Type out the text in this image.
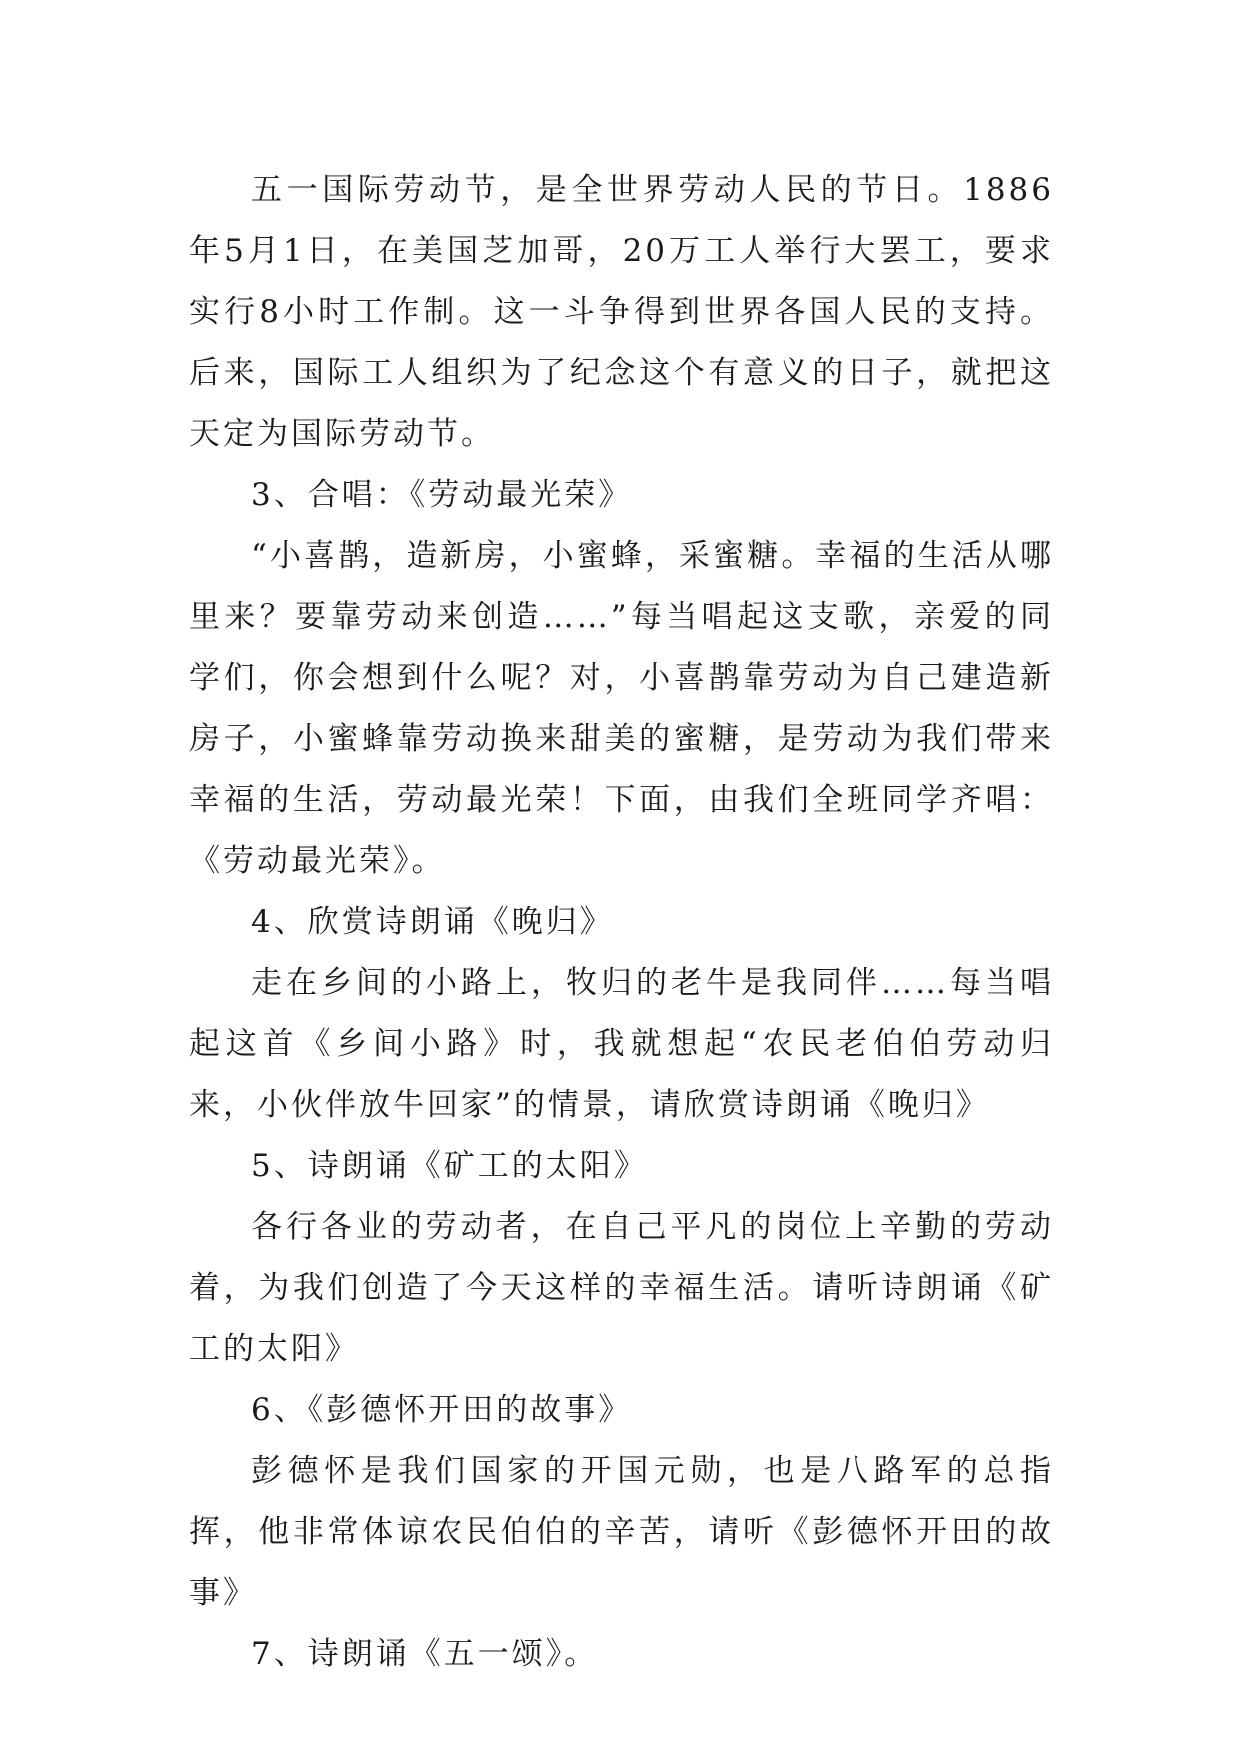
五一国际劳动节，是全世界劳动人民的节日。1886年5月1日，在美国芝加哥，20万工人举行大罢工，要求实行8小时工作制。这一斗争得到世界各国人民的支持。后来，国际工人组织为了纪念这个有意义的日子，就把这天定为国际劳动节。

3、合唱：《劳动最光荣》

“小喜鹊，造新房，小蜜蜂，采蜜糖。幸福的生活从哪里来？要靠劳动来创造……”每当唱起这支歌，亲爱的同学们，你会想到什么呢？对，小喜鹊靠劳动为自己建造新房子，小蜜蜂靠劳动换来甜美的蜜糖，是劳动为我们带来幸福的生活，劳动最光荣！下面，由我们全班同学齐唱：《劳动最光荣》。

4、欣赏诗朗诵《晚归》

走在乡间的小路上，牧归的老牛是我同伴……每当唱起这首《乡间小路》时，我就想起“农民老伯伯劳动归来，小伙伴放牛回家”的情景，请欣赏诗朗诵《晚归》

5、诗朗诵《矿工的太阳》

各行各业的劳动者，在自己平凡的岗位上辛勤的劳动着，为我们创造了今天这样的幸福生活。请听诗朗诵《矿工的太阳》

6、《彭德怀开田的故事》

彭德怀是我们国家的开国元勋，也是八路军的总指挥，他非常体谅农民伯伯的辛苦，请听《彭德怀开田的故事》

7、诗朗诵《五一颂》。
